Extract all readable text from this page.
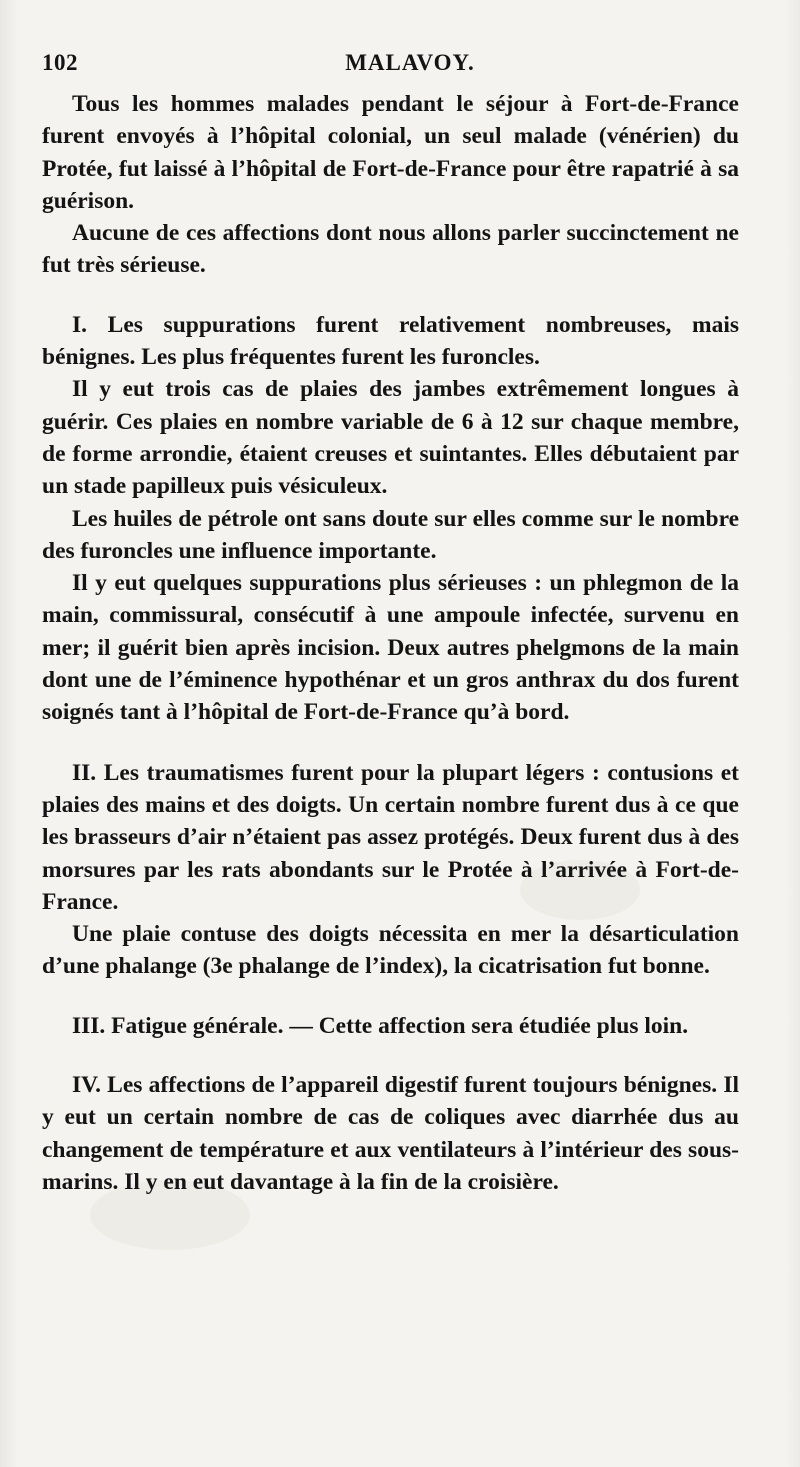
102	MALAVOY.

Tous les hommes malades pendant le séjour à Fort-de-France furent envoyés à l’hôpital colonial, un seul malade (vénérien) du Protée, fut laissé à l’hôpital de Fort-de-France pour être rapatrié à sa guérison.

Aucune de ces affections dont nous allons parler succinctement ne fut très sérieuse.

I. Les suppurations furent relativement nombreuses, mais bénignes. Les plus fréquentes furent les furoncles.

Il y eut trois cas de plaies des jambes extrêmement longues à guérir. Ces plaies en nombre variable de 6 à 12 sur chaque membre, de forme arrondie, étaient creuses et suintantes. Elles débutaient par un stade papilleux puis vésiculeux.

Les huiles de pétrole ont sans doute sur elles comme sur le nombre des furoncles une influence importante.

Il y eut quelques suppurations plus sérieuses : un phlegmon de la main, commissural, consécutif à une ampoule infectée, survenu en mer; il guérit bien après incision. Deux autres phelgmons de la main dont une de l’éminence hypothénar et un gros anthrax du dos furent soignés tant à l’hôpital de Fort-de-France qu’à bord.

II. Les traumatismes furent pour la plupart légers : contusions et plaies des mains et des doigts. Un certain nombre furent dus à ce que les brasseurs d’air n’étaient pas assez protégés. Deux furent dus à des morsures par les rats abondants sur le Protée à l’arrivée à Fort-de-France.

Une plaie contuse des doigts nécessita en mer la désarticulation d’une phalange (3e phalange de l’index), la cicatrisation fut bonne.

III. Fatigue générale. — Cette affection sera étudiée plus loin.

IV. Les affections de l’appareil digestif furent toujours bénignes. Il y eut un certain nombre de cas de coliques avec diarrhée dus au changement de température et aux ventilateurs à l’intérieur des sous-marins. Il y en eut davantage à la fin de la croisière.
